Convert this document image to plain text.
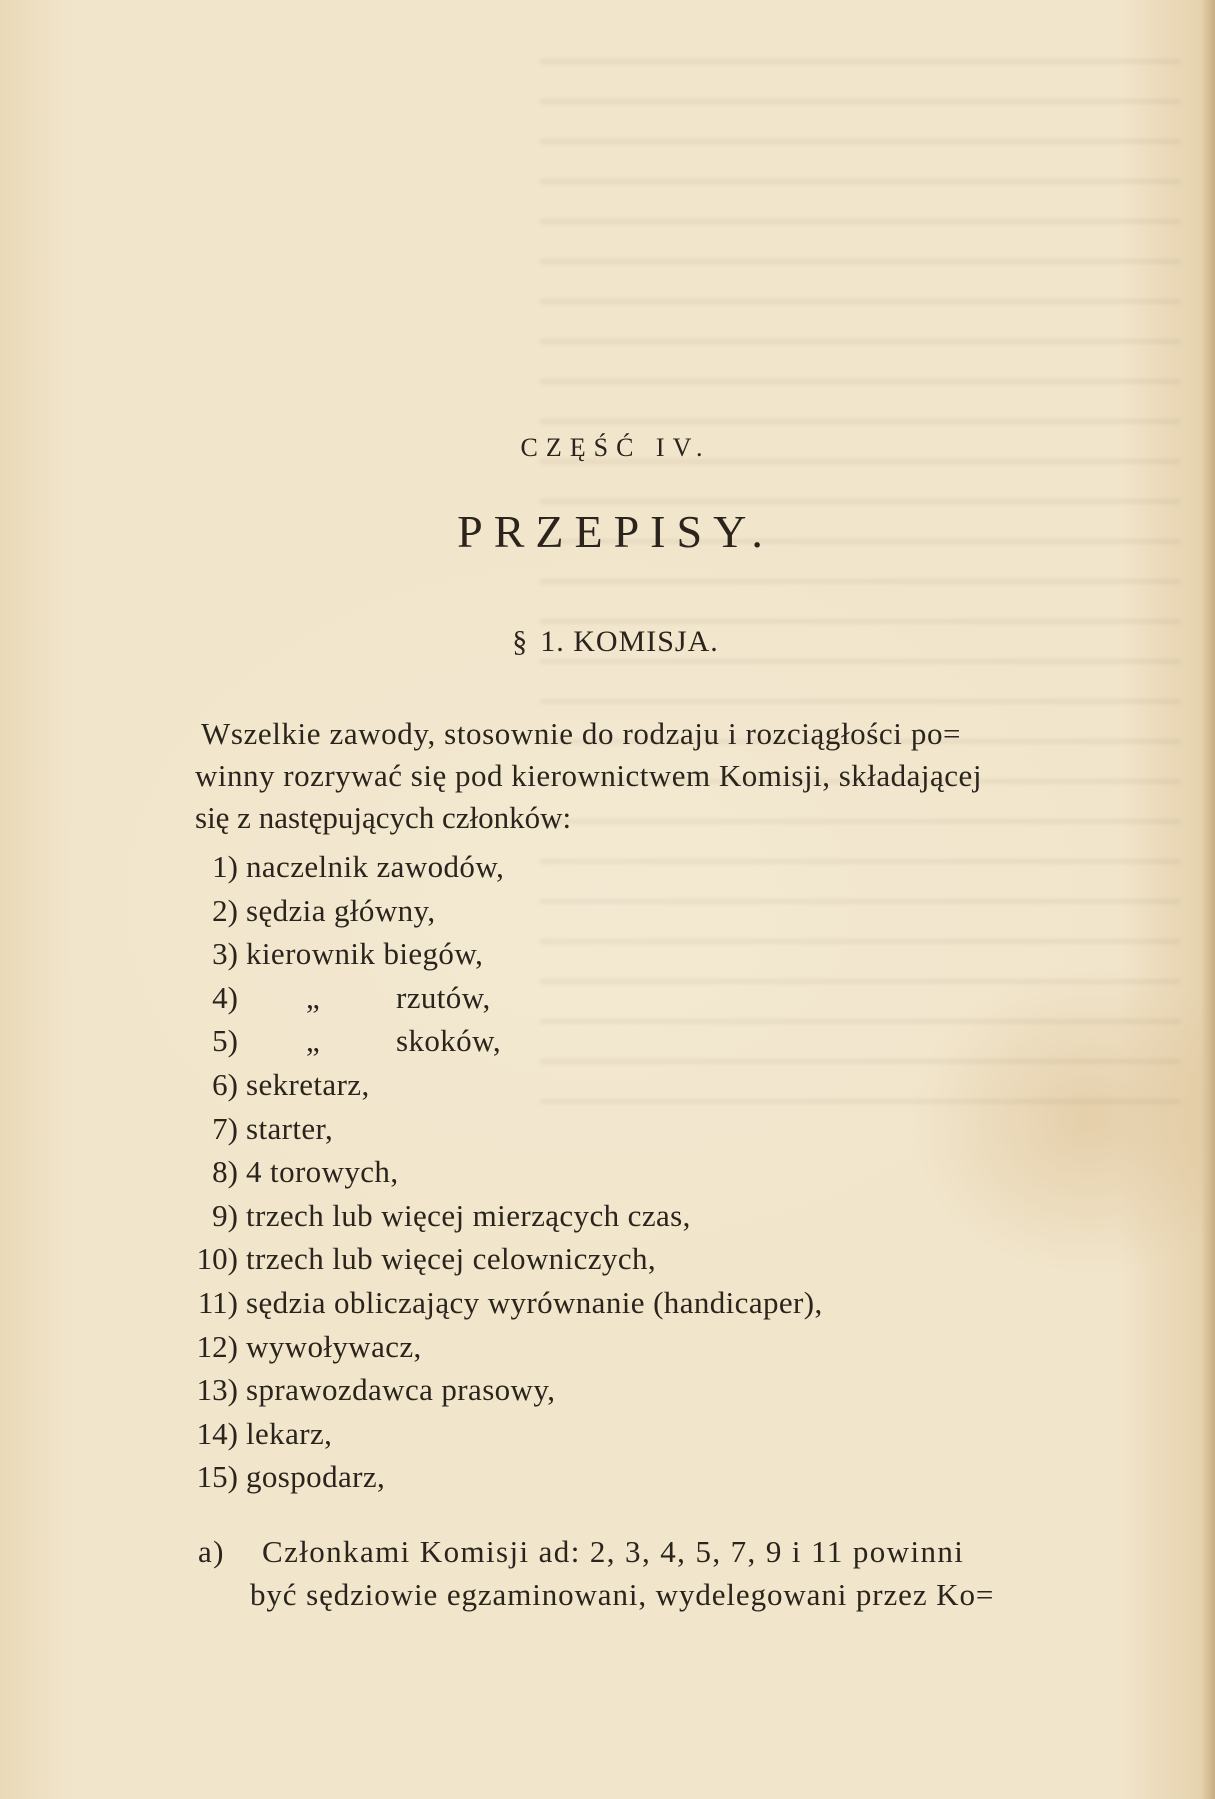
CZĘŚĆ IV.
PRZEPISY.
§ 1. KOMISJA.

Wszelkie zawody, stosownie do rodzaju i rozciągłości po=
winny rozrywać się pod kierownictwem Komisji, składającej
się z następujących członków:

1) naczelnik zawodów,
2) sędzia główny,
3) kierownik biegów,
4)	„ rzutów,
5)	„ skoków,
6) sekretarz,
7) starter,
8) 4 torowych,
9) trzech lub więcej mierzących czas,
10) trzech lub więcej celowniczych,
11) sędzia obliczający wyrównanie (handicaper),
12) wywoływacz,
13) sprawozdawca prasowy,
14) lekarz,
15) gospodarz,

a) Członkami Komisji ad: 2, 3, 4, 5, 7, 9 i 11 powinni
być sędziowie egzaminowani, wydelegowani przez Ko=
